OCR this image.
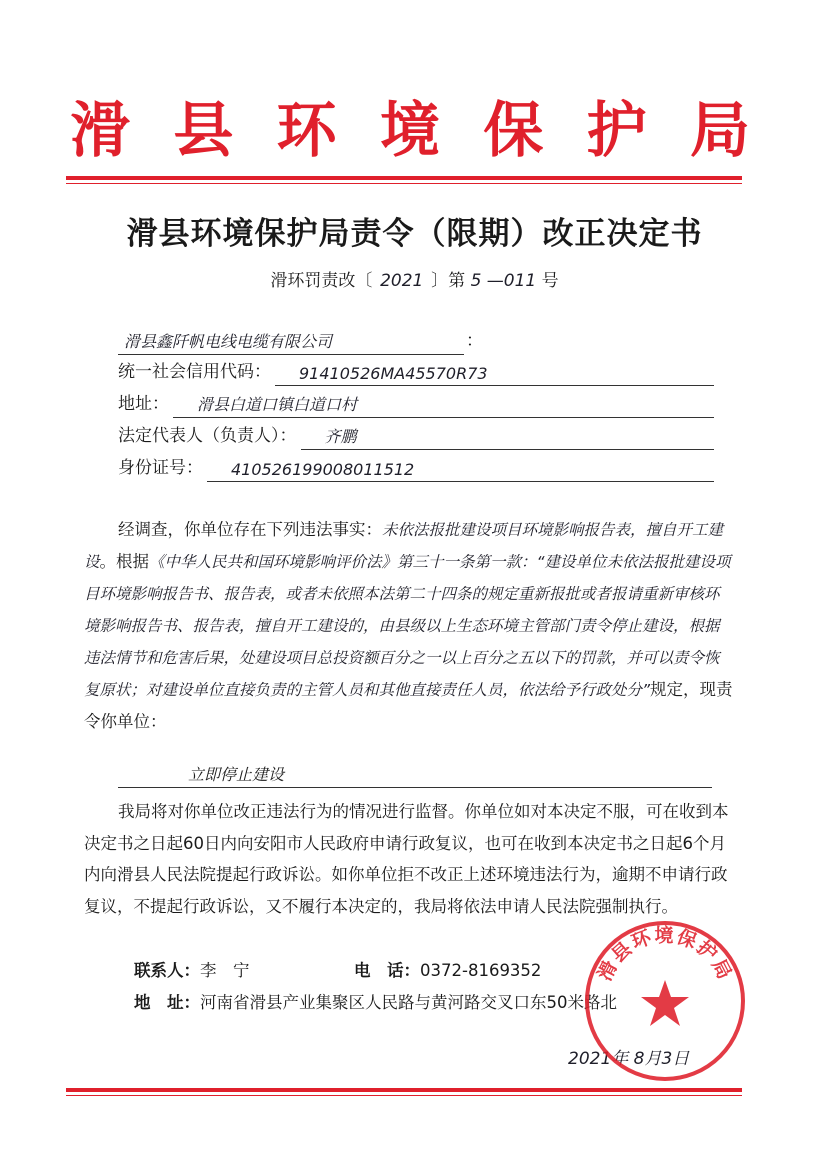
滑 县 环 境 保 护 局
滑县环境保护局责令（限期）改正决定书
滑环罚责改〔 2021 〕第 5 —011 号
滑县鑫阡帆电线电缆有限公司	：
统一社会信用代码：	91410526MA45570R73
地址：	滑县白道口镇白道口村
法定代表人（负责人）：	齐鹏
身份证号：	410526199008011512
经调查，你单位存在下列违法事实：未依法报批建设项目环境影响报告表，擅自开工建设。根据《中华人民共和国环境影响评价法》第三十一条第一款：“建设单位未依法报批建设项目环境影响报告书、报告表，或者未依照本法第二十四条的规定重新报批或者报请重新审核环境影响报告书、报告表，擅自开工建设的，由县级以上生态环境主管部门责令停止建设，根据违法情节和危害后果，处建设项目总投资额百分之一以上百分之五以下的罚款，并可以责令恢复原状；对建设单位直接负责的主管人员和其他直接责任人员，依法给予行政处分”规定，现责令你单位：
立即停止建设
我局将对你单位改正违法行为的情况进行监督。你单位如对本决定不服，可在收到本决定书之日起60日内向安阳市人民政府申请行政复议，也可在收到本决定书之日起6个月内向滑县人民法院提起行政诉讼。如你单位拒不改正上述环境违法行为，逾期不申请行政复议，不提起行政诉讼，又不履行本决定的，我局将依法申请人民法院强制执行。
联系人：李　宁	电　话：0372-8169352
地　址：河南省滑县产业集聚区人民路与黄河路交叉口东50米路北
2021年 8月3日
滑县环境保护局
